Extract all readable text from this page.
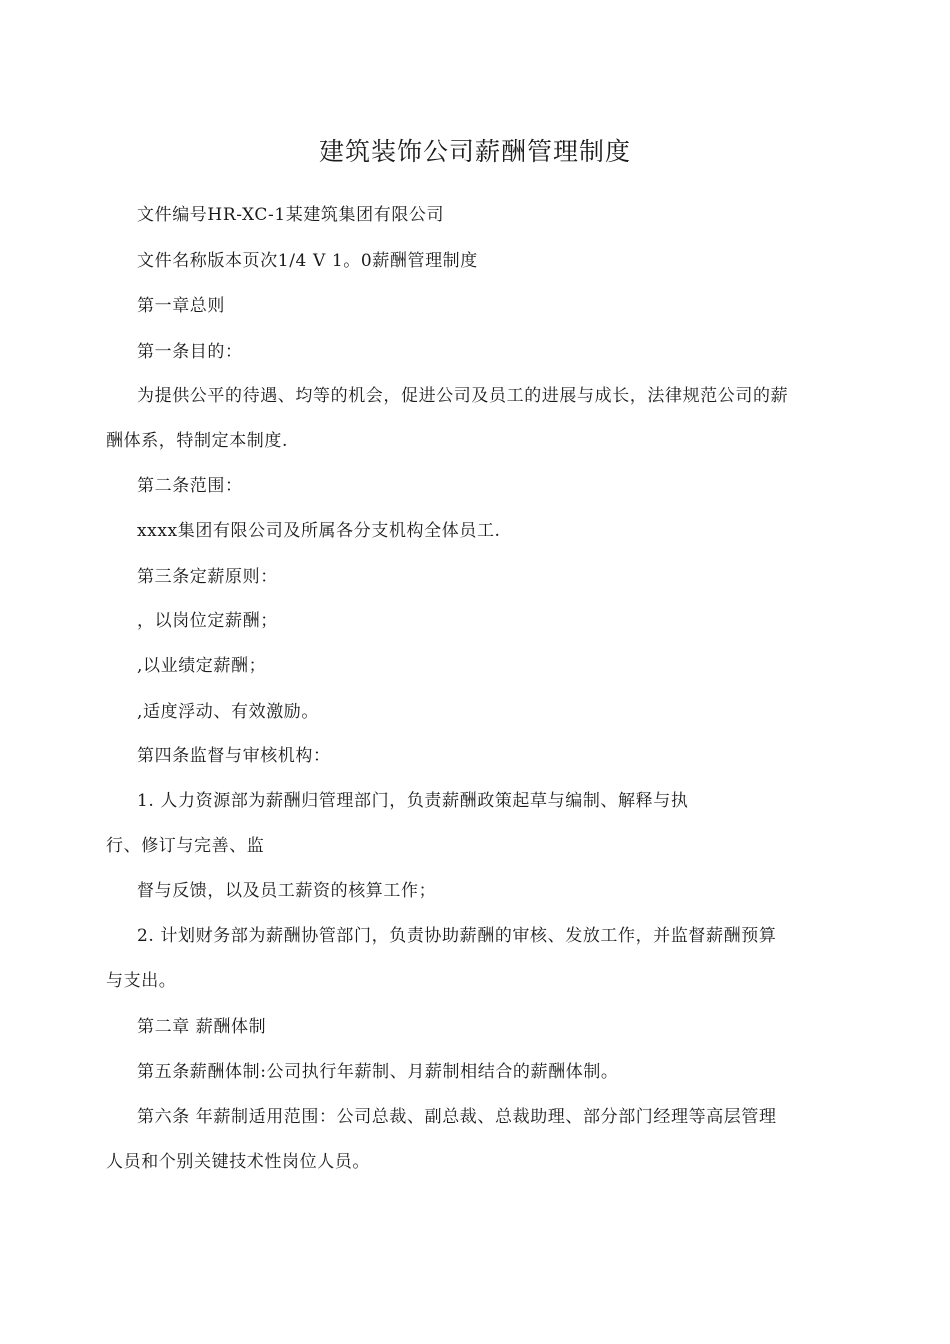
建筑装饰公司薪酬管理制度
文件编号HR-XC-1某建筑集团有限公司
文件名称版本页次1/4 V 1。0薪酬管理制度
第一章总则
第一条目的：
为提供公平的待遇、均等的机会，促进公司及员工的进展与成长，法律规范公司的薪
酬体系，特制定本制度.
第二条范围：
xxxx集团有限公司及所属各分支机构全体员工.
第三条定薪原则：
，以岗位定薪酬；
,以业绩定薪酬；
,适度浮动、有效激励。
第四条监督与审核机构：
1. 人力资源部为薪酬归管理部门，负责薪酬政策起草与编制、解释与执
行、修订与完善、监
督与反馈，以及员工薪资的核算工作；
2. 计划财务部为薪酬协管部门，负责协助薪酬的审核、发放工作，并监督薪酬预算
与支出。
第二章 薪酬体制
第五条薪酬体制:公司执行年薪制、月薪制相结合的薪酬体制。
第六条 年薪制适用范围：公司总裁、副总裁、总裁助理、部分部门经理等高层管理
人员和个别关键技术性岗位人员。
